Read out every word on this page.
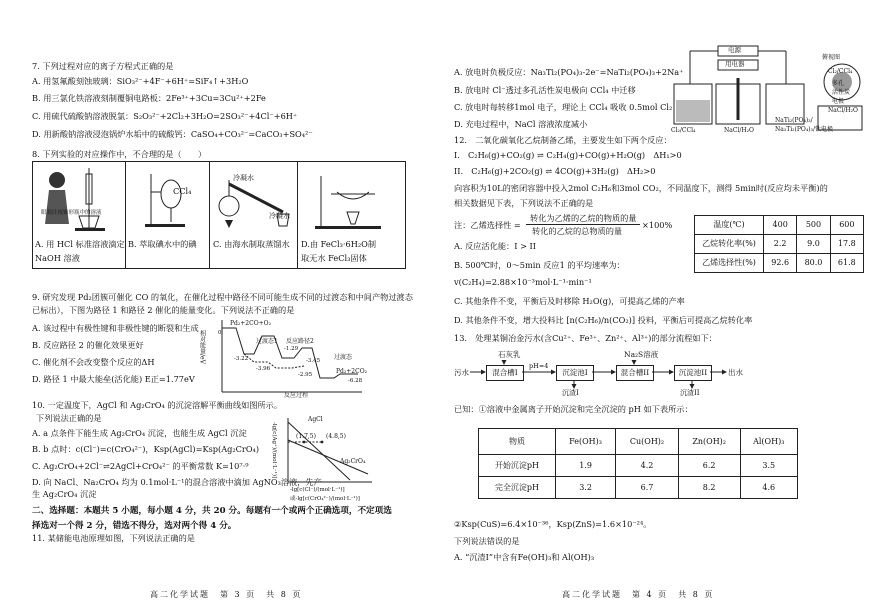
7. 下列过程对应的离子方程式正确的是
A. 用氢氟酸刻蚀玻璃：SiO₃²⁻+4F⁻+6H⁺=SiF₄↑+3H₂O
B. 用三氯化铁溶液刻制覆铜电路板：2Fe³⁺+3Cu=3Cu²⁺+2Fe
C. 用硫代硫酸钠溶液脱氯：S₂O₃²⁻+2Cl₂+3H₂O=2SO₃²⁻+4Cl⁻+6H⁺
D. 用新酸钠溶液浸泡锅炉水垢中的硫酸钙：CaSO₄+CO₃²⁻=CaCO₃+SO₄²⁻
8. 下列实验的对应操作中，不合理的是（　　）
眼睛注视锥形瓶中的溶液
CCl₄
冷凝水
冷凝水
A. 用 HCl 标准溶液滴定
NaOH 溶液
B. 萃取碘水中的碘 C. 由海水制取蒸馏水 D.由 FeCl₃·6H₂O制
取无水 FeCl₃固体
9. 研究发现 Pd₂团簇可催化 CO 的氧化，在催化过程中路径不同可能生成不同的过渡态和中间产物过渡态
已标出），下图为路径 1 和路径 2 催化的能量变化。下列说法不正确的是
A. 该过程中有极性键和非极性键的断裂和生成
B. 反应路径 2 的催化效果更好
C. 催化剂不会改变整个反应的ΔH
D. 路径 1 中最大能垒(活化能) E正=1.77eV
相对能量/eV
Pd₂+2CO+O₂
过渡态1 反应路径2
过渡态
Pd₂+2CO₂
0
-3.22	-3.45
-3.96
-1.29
-2.95
-6.28
反应过程
10. 一定温度下，AgCl 和 Ag₂CrO₄ 的沉淀溶解平衡曲线如图所示。
下列说法正确的是
A. a 点条件下能生成 Ag₂CrO₄ 沉淀，也能生成 AgCl 沉淀
B. b 点时：c(Cl⁻)=c(CrO₄²⁻)，Ksp(AgCl)=Ksp(Ag₂CrO₄)
C. Ag₂CrO₄+2Cl⁻⇌2AgCl+CrO₄²⁻ 的平衡常数 K=10⁷·⁹
D. 向 NaCl、Na₂CrO₄ 均为 0.1mol·L⁻¹的混合溶液中滴加 AgNO₃溶液，先产
生 Ag₂CrO₄ 沉淀
-lg[c(Ag⁺)/(mol·L⁻¹)]
AgCl
(1.7,5) (4.8,5)
Ag₂CrO₄
-lg[c(Cl⁻)/(mol·L⁻¹)]
或-lg[c(CrO₄²⁻)/(mol·L⁻¹)]
二、选择题：本题共 5 小题，每小题 4 分，共 20 分。每题有一个或两个正确选项，不定项选
择选对一个得 2 分，错选不得分，选对两个得 4 分。
11. 某储能电池原理如图，下列说法正确的是
高二化学试题　第 3 页　共 8 页
A. 放电时负极反应：Na₃Ti₂(PO₄)₃-2e⁻=NaTi₂(PO₄)₃+2Na⁺
B. 放电时 Cl⁻透过多孔活性炭电极向 CCl₄ 中迁移
C. 放电时每转移1mol 电子，理论上 CCl₄ 吸收 0.5mol Cl₂
D. 充电过程中，NaCl 溶液浓度减小
电源
用电器
俯视图
Cl₂/CCl₄
多孔
活性炭
电极
NaCl/H₂O
Cl₂/CCl₄	NaCl/H₂O
NaTi₂(PO₄)₃/
Na₃Ti₂(PO₄)₃/钛电极
12.　二氧化碳氧化乙烷制备乙烯，主要发生如下两个反应：
I.　C₂H₆(g)+CO₂(g) ⇌ C₂H₄(g)+CO(g)+H₂O(g)　ΔH₁>0
II.　C₂H₆(g)+2CO₂(g) ⇌ 4CO(g)+3H₂(g)　ΔH₂>0
向容积为10L的密闭容器中投入2mol C₂H₆和3mol CO₂，不同温度下，测得 5min时(反应均未平衡)的
相关数据见下表，下列说法不正确的是
注：乙烯选择性 =
转化为乙烯的乙烷的物质的量
转化的乙烷的总物质的量
×100%	温度(℃)	400	500	600
乙烷转化率(%)	2.2	9.0	17.8
乙烯选择性(%)	92.6	80.0	61.8
A. 反应活化能：I > II
B. 500℃时，0～5min 反应1 的平均速率为：
v(C₂H₄)=2.88×10⁻³mol·L⁻¹·min⁻¹
C. 其他条件不变，平衡后及时移除 H₂O(g)，可提高乙烯的产率
D. 其他条件不变，增大投料比 [n(C₂H₆)/n(CO₂)] 投料，平衡后可提高乙烷转化率
13.　处理某铜冶金污水(含Cu²⁺、Fe³⁺、Zn²⁺、Al³⁺)的部分流程如下：
石灰乳	Na₂S溶液
污水	混合槽I
pH=4
沉淀池I	混合槽II	沉淀池II	出水
沉渣I	沉渣II
已知：①溶液中金属离子开始沉淀和完全沉淀的 pH 如下表所示：
物质	Fe(OH)₃	Cu(OH)₂	Zn(OH)₂	Al(OH)₃
开始沉淀pH	1.9	4.2	6.2	3.5
完全沉淀pH	3.2	6.7	8.2	4.6
②Ksp(CuS)=6.4×10⁻³⁶，Ksp(ZnS)=1.6×10⁻²⁴。
下列说法错误的是
A. “沉渣I”中含有Fe(OH)₃和 Al(OH)₃
高二化学试题　第 4 页　共 8 页
